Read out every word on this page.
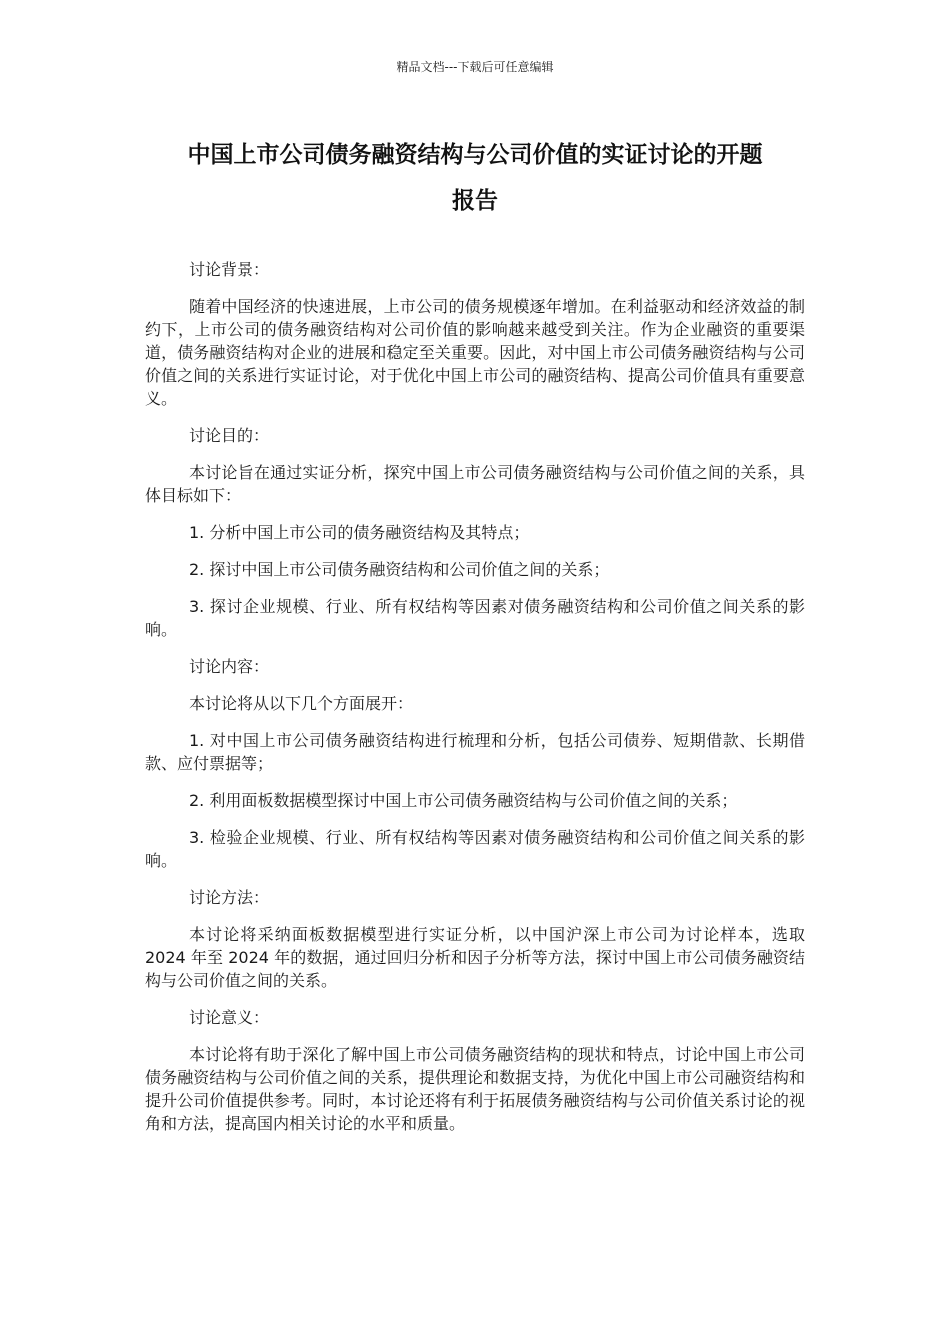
精品文档---下载后可任意编辑
中国上市公司债务融资结构与公司价值的实证讨论的开题
报告

讨论背景：

随着中国经济的快速进展，上市公司的债务规模逐年增加。在利益驱动和经济效益的制约下，上市公司的债务融资结构对公司价值的影响越来越受到关注。作为企业融资的重要渠道，债务融资结构对企业的进展和稳定至关重要。因此，对中国上市公司债务融资结构与公司价值之间的关系进行实证讨论，对于优化中国上市公司的融资结构、提高公司价值具有重要意义。

讨论目的：

本讨论旨在通过实证分析，探究中国上市公司债务融资结构与公司价值之间的关系，具体目标如下：

1. 分析中国上市公司的债务融资结构及其特点；

2. 探讨中国上市公司债务融资结构和公司价值之间的关系；

3. 探讨企业规模、行业、所有权结构等因素对债务融资结构和公司价值之间关系的影响。

讨论内容：

本讨论将从以下几个方面展开：

1. 对中国上市公司债务融资结构进行梳理和分析，包括公司债券、短期借款、长期借款、应付票据等；

2. 利用面板数据模型探讨中国上市公司债务融资结构与公司价值之间的关系；

3. 检验企业规模、行业、所有权结构等因素对债务融资结构和公司价值之间关系的影响。

讨论方法：

本讨论将采纳面板数据模型进行实证分析，以中国沪深上市公司为讨论样本，选取 2024 年至 2024 年的数据，通过回归分析和因子分析等方法，探讨中国上市公司债务融资结构与公司价值之间的关系。

讨论意义：

本讨论将有助于深化了解中国上市公司债务融资结构的现状和特点，讨论中国上市公司债务融资结构与公司价值之间的关系，提供理论和数据支持，为优化中国上市公司融资结构和提升公司价值提供参考。同时，本讨论还将有利于拓展债务融资结构与公司价值关系讨论的视角和方法，提高国内相关讨论的水平和质量。
